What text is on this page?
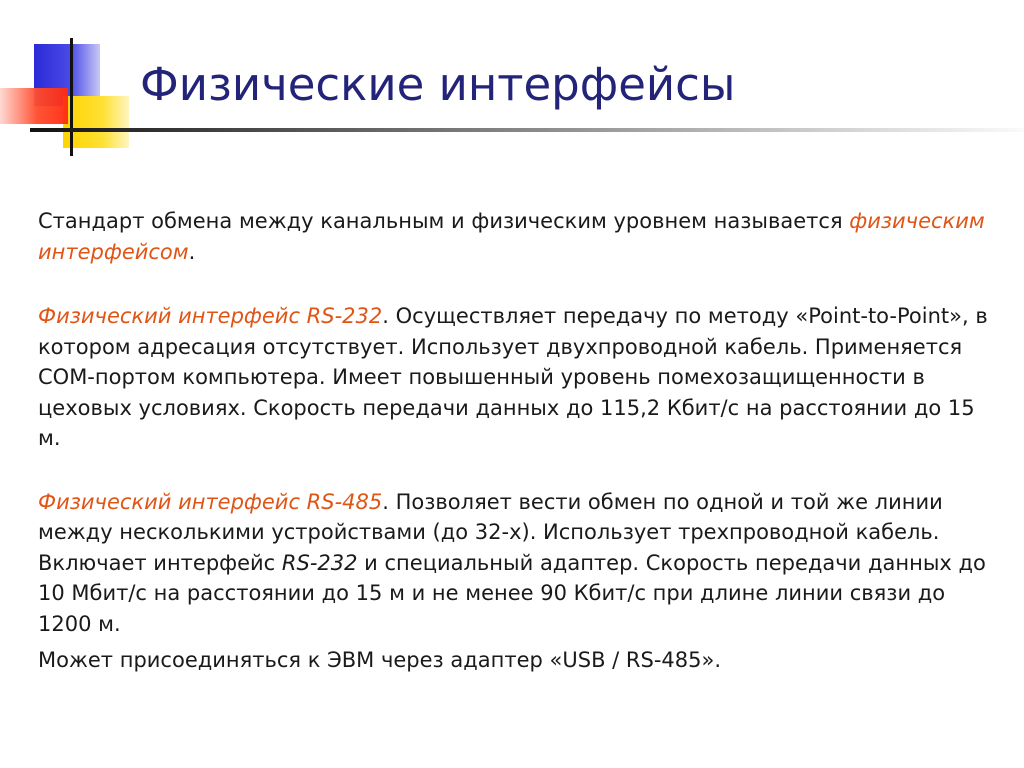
Физические интерфейсы

Стандарт обмена между канальным и физическим уровнем называется физическим интерфейсом.

Физический интерфейс RS-232. Осуществляет передачу по методу «Point-to-Point», в котором адресация отсутствует. Использует двухпроводной кабель. Применяется COM-портом компьютера. Имеет повышенный уровень помехозащищенности в цеховых условиях. Скорость передачи данных до 115,2 Кбит/с на расстоянии до 15 м.

Физический интерфейс RS-485. Позволяет вести обмен по одной и той же линии между несколькими устройствами (до 32-х). Использует трехпроводной кабель. Включает интерфейс RS-232 и специальный адаптер. Скорость передачи данных до 10 Мбит/с на расстоянии до 15 м и не менее 90 Кбит/с при длине линии связи до 1200 м.

Может присоединяться к ЭВМ через адаптер «USB / RS-485».
